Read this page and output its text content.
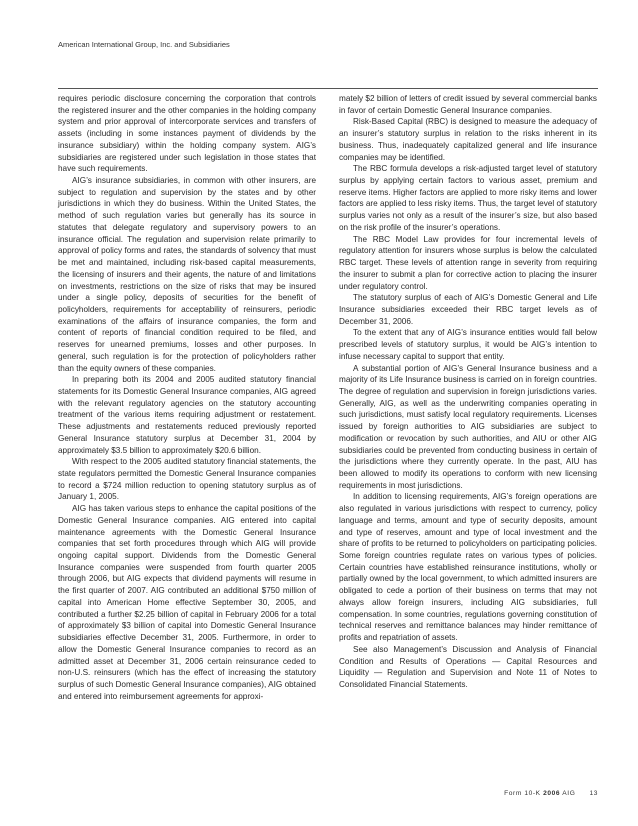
American International Group, Inc. and Subsidiaries

requires periodic disclosure concerning the corporation that controls the registered insurer and the other companies in the holding company system and prior approval of intercorporate services and transfers of assets (including in some instances payment of dividends by the insurance subsidiary) within the holding company system. AIG’s subsidiaries are registered under such legislation in those states that have such requirements.

AIG’s insurance subsidiaries, in common with other insurers, are subject to regulation and supervision by the states and by other jurisdictions in which they do business. Within the United States, the method of such regulation varies but generally has its source in statutes that delegate regulatory and supervisory powers to an insurance official. The regulation and supervision relate primarily to approval of policy forms and rates, the standards of solvency that must be met and maintained, including risk-based capital measurements, the licensing of insurers and their agents, the nature of and limitations on investments, restrictions on the size of risks that may be insured under a single policy, deposits of securities for the benefit of policyholders, requirements for acceptability of reinsurers, periodic examinations of the affairs of insurance companies, the form and content of reports of financial condition required to be filed, and reserves for unearned premiums, losses and other purposes. In general, such regulation is for the protection of policyholders rather than the equity owners of these companies.

In preparing both its 2004 and 2005 audited statutory financial statements for its Domestic General Insurance companies, AIG agreed with the relevant regulatory agencies on the statutory accounting treatment of the various items requiring adjustment or restatement. These adjustments and restatements reduced previously reported General Insurance statutory surplus at December 31, 2004 by approximately $3.5 billion to approximately $20.6 billion.

With respect to the 2005 audited statutory financial statements, the state regulators permitted the Domestic General Insurance companies to record a $724 million reduction to opening statutory surplus as of January 1, 2005.

AIG has taken various steps to enhance the capital positions of the Domestic General Insurance companies. AIG entered into capital maintenance agreements with the Domestic General Insurance companies that set forth procedures through which AIG will provide ongoing capital support. Dividends from the Domestic General Insurance companies were suspended from fourth quarter 2005 through 2006, but AIG expects that dividend payments will resume in the first quarter of 2007. AIG contributed an additional $750 million of capital into American Home effective September 30, 2005, and contributed a further $2.25 billion of capital in February 2006 for a total of approximately $3 billion of capital into Domestic General Insurance subsidiaries effective December 31, 2005. Furthermore, in order to allow the Domestic General Insurance companies to record as an admitted asset at December 31, 2006 certain reinsurance ceded to non-U.S. reinsurers (which has the effect of increasing the statutory surplus of such Domestic General Insurance companies), AIG obtained and entered into reimbursement agreements for approxi-

mately $2 billion of letters of credit issued by several commercial banks in favor of certain Domestic General Insurance companies.

Risk-Based Capital (RBC) is designed to measure the adequacy of an insurer’s statutory surplus in relation to the risks inherent in its business. Thus, inadequately capitalized general and life insurance companies may be identified.

The RBC formula develops a risk-adjusted target level of statutory surplus by applying certain factors to various asset, premium and reserve items. Higher factors are applied to more risky items and lower factors are applied to less risky items. Thus, the target level of statutory surplus varies not only as a result of the insurer’s size, but also based on the risk profile of the insurer’s operations.

The RBC Model Law provides for four incremental levels of regulatory attention for insurers whose surplus is below the calculated RBC target. These levels of attention range in severity from requiring the insurer to submit a plan for corrective action to placing the insurer under regulatory control.

The statutory surplus of each of AIG’s Domestic General and Life Insurance subsidiaries exceeded their RBC target levels as of December 31, 2006.

To the extent that any of AIG’s insurance entities would fall below prescribed levels of statutory surplus, it would be AIG’s intention to infuse necessary capital to support that entity.

A substantial portion of AIG’s General Insurance business and a majority of its Life Insurance business is carried on in foreign countries. The degree of regulation and supervision in foreign jurisdictions varies. Generally, AIG, as well as the underwriting companies operating in such jurisdictions, must satisfy local regulatory requirements. Licenses issued by foreign authorities to AIG subsidiaries are subject to modification or revocation by such authorities, and AIU or other AIG subsidiaries could be prevented from conducting business in certain of the jurisdictions where they currently operate. In the past, AIU has been allowed to modify its operations to conform with new licensing requirements in most jurisdictions.

In addition to licensing requirements, AIG’s foreign operations are also regulated in various jurisdictions with respect to currency, policy language and terms, amount and type of security deposits, amount and type of reserves, amount and type of local investment and the share of profits to be returned to policyholders on participating policies. Some foreign countries regulate rates on various types of policies. Certain countries have established reinsurance institutions, wholly or partially owned by the local government, to which admitted insurers are obligated to cede a portion of their business on terms that may not always allow foreign insurers, including AIG subsidiaries, full compensation. In some countries, regulations governing constitution of technical reserves and remittance balances may hinder remittance of profits and repatriation of assets.

See also Management’s Discussion and Analysis of Financial Condition and Results of Operations — Capital Resources and Liquidity — Regulation and Supervision and Note 11 of Notes to Consolidated Financial Statements.

Form 10-K 2006 AIG 13
